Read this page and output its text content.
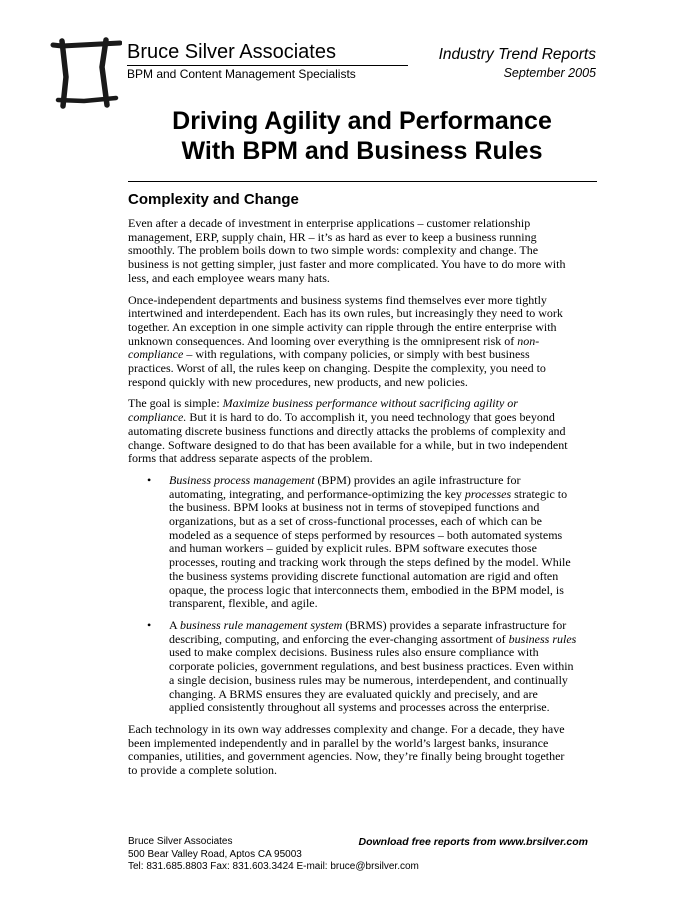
Bruce Silver Associates
BPM and Content Management Specialists
Industry Trend Reports
September 2005
Driving Agility and Performance
With BPM and Business Rules
Complexity and Change

Even after a decade of investment in enterprise applications – customer relationship
management, ERP, supply chain, HR – it’s as hard as ever to keep a business running
smoothly. The problem boils down to two simple words: complexity and change. The
business is not getting simpler, just faster and more complicated. You have to do more with
less, and each employee wears many hats.

Once-independent departments and business systems find themselves ever more tightly
intertwined and interdependent. Each has its own rules, but increasingly they need to work
together. An exception in one simple activity can ripple through the entire enterprise with
unknown consequences. And looming over everything is the omnipresent risk of non-
compliance – with regulations, with company policies, or simply with best business
practices. Worst of all, the rules keep on changing. Despite the complexity, you need to
respond quickly with new procedures, new products, and new policies.

The goal is simple: Maximize business performance without sacrificing agility or
compliance. But it is hard to do. To accomplish it, you need technology that goes beyond
automating discrete business functions and directly attacks the problems of complexity and
change. Software designed to do that has been available for a while, but in two independent
forms that address separate aspects of the problem.

• Business process management (BPM) provides an agile infrastructure for
automating, integrating, and performance-optimizing the key processes strategic to
the business. BPM looks at business not in terms of stovepiped functions and
organizations, but as a set of cross-functional processes, each of which can be
modeled as a sequence of steps performed by resources – both automated systems
and human workers – guided by explicit rules. BPM software executes those
processes, routing and tracking work through the steps defined by the model. While
the business systems providing discrete functional automation are rigid and often
opaque, the process logic that interconnects them, embodied in the BPM model, is
transparent, flexible, and agile.
• A business rule management system (BRMS) provides a separate infrastructure for
describing, computing, and enforcing the ever-changing assortment of business rules
used to make complex decisions. Business rules also ensure compliance with
corporate policies, government regulations, and best business practices. Even within
a single decision, business rules may be numerous, interdependent, and continually
changing. A BRMS ensures they are evaluated quickly and precisely, and are
applied consistently throughout all systems and processes across the enterprise.

Each technology in its own way addresses complexity and change. For a decade, they have
been implemented independently and in parallel by the world’s largest banks, insurance
companies, utilities, and government agencies. Now, they’re finally being brought together
to provide a complete solution.

Bruce Silver Associates
500 Bear Valley Road, Aptos CA 95003
Tel: 831.685.8803 Fax: 831.603.3424 E-mail: bruce@brsilver.com
Download free reports from www.brsilver.com
